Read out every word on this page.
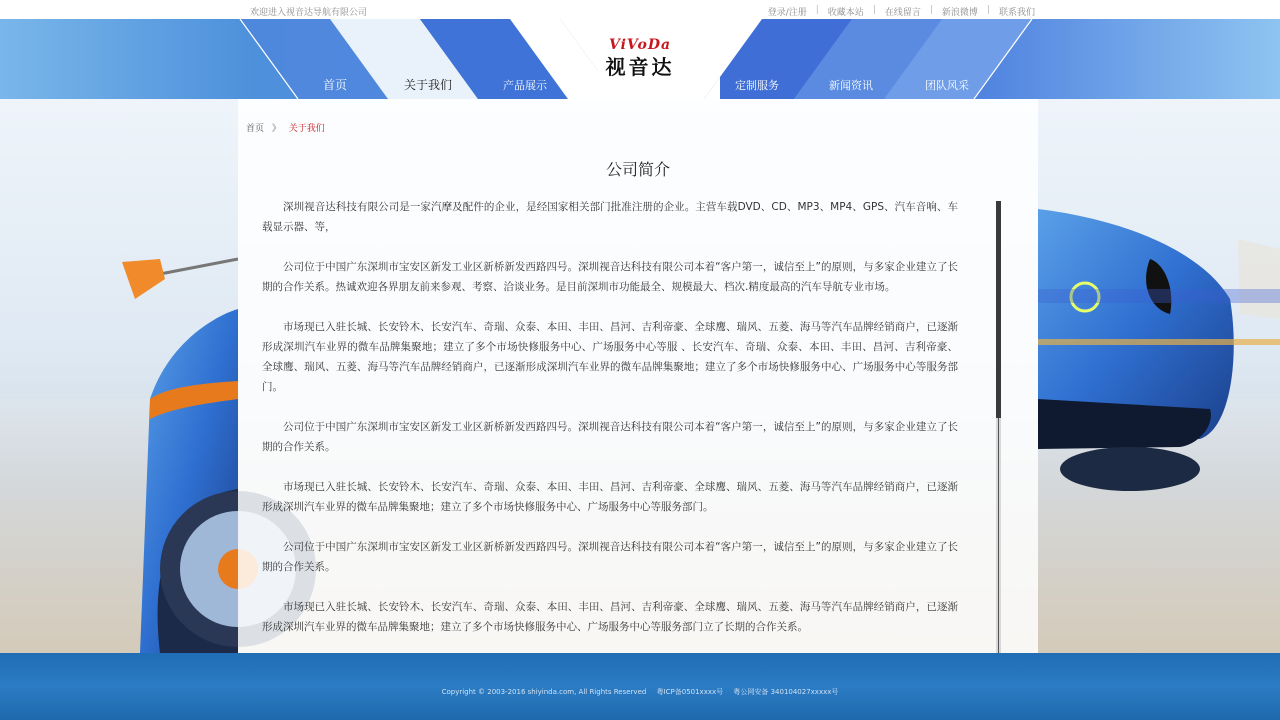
欢迎进入视音达导航有限公司	登录/注册 | 收藏本站 | 在线留言 | 新浪微博 | 联系我们
首页	关于我们	产品展示
ViVoDa
视音达
定制服务	新闻资讯	团队风采
首页 》 关于我们
公司简介

深圳视音达科技有限公司是一家汽摩及配件的企业，是经国家相关部门批准注册的企业。主营车载DVD、CD、MP3、MP4、GPS、汽车音响、车载显示器、等，

公司位于中国广东深圳市宝安区新发工业区新桥新发西路四号。深圳视音达科技有限公司本着“客户第一，诚信至上”的原则，与多家企业建立了长期的合作关系。热诚欢迎各界朋友前来参观、考察、洽谈业务。是目前深圳市功能最全、规模最大、档次.精度最高的汽车导航专业市场。

市场现已入驻长城、长安铃木、长安汽车、奇瑞、众泰、本田、丰田、昌河、吉利帝豪、全球鹰、瑞风、五菱、海马等汽车品牌经销商户，已逐渐形成深圳汽车业界的微车品牌集聚地；建立了多个市场快修服务中心、广场服务中心等服 、长安汽车、奇瑞、众泰、本田、丰田、昌河、吉利帝豪、全球鹰、瑞风、五菱、海马等汽车品牌经销商户，已逐渐形成深圳汽车业界的微车品牌集聚地；建立了多个市场快修服务中心、广场服务中心等服务部门。

公司位于中国广东深圳市宝安区新发工业区新桥新发西路四号。深圳视音达科技有限公司本着“客户第一，诚信至上”的原则，与多家企业建立了长期的合作关系。

市场现已入驻长城、长安铃木、长安汽车、奇瑞、众泰、本田、丰田、昌河、吉利帝豪、全球鹰、瑞风、五菱、海马等汽车品牌经销商户，已逐渐形成深圳汽车业界的微车品牌集聚地；建立了多个市场快修服务中心、广场服务中心等服务部门。

公司位于中国广东深圳市宝安区新发工业区新桥新发西路四号。深圳视音达科技有限公司本着“客户第一，诚信至上”的原则，与多家企业建立了长期的合作关系。

市场现已入驻长城、长安铃木、长安汽车、奇瑞、众泰、本田、丰田、昌河、吉利帝豪、全球鹰、瑞风、五菱、海马等汽车品牌经销商户，已逐渐形成深圳汽车业界的微车品牌集聚地；建立了多个市场快修服务中心、广场服务中心等服务部门立了长期的合作关系。

Copyright © 2003-2016 shiyinda.com, All Rights Reserved 粤ICP备0501xxxx号 粤公网安备 340104027xxxxx号
